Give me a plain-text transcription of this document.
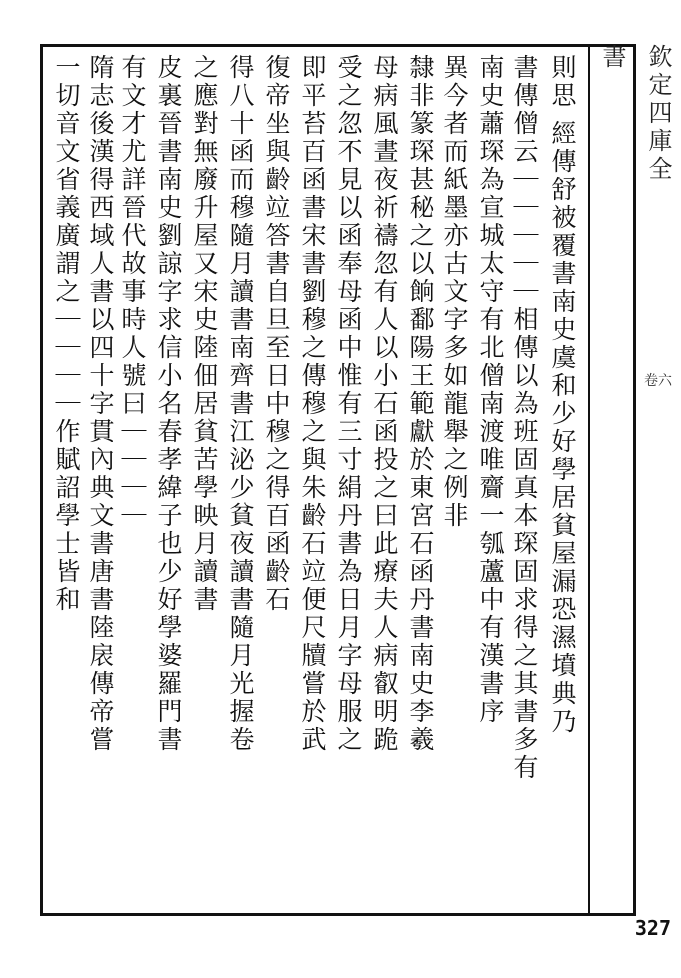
欽定四庫全書
卷六
則思
經傳舒被覆書南史虞和少好學居貧屋漏恐濕墳典乃
書傳僧云｜｜｜｜｜相傳以為班固真本琛固求得之其書多有
南史蕭琛為宣城太守有北僧南渡唯齎一瓠蘆中有漢書序
異今者而紙墨亦古文字多如龍舉之例非
隸非篆琛甚秘之以餉鄱陽王範獻於東宮石函丹書南史李羲
母病風晝夜祈禱忽有人以小石函投之曰此療夫人病叡明跪
受之忽不見以函奉母函中惟有三寸絹丹書為日月字母服之
即平苔百函書宋書劉穆之傳穆之與朱齡石竝便尺牘嘗於武
復帝坐與齡竝答書自旦至日中穆之得百函齡石
得八十函而穆隨月讀書南齊書江泌少貧夜讀書隨月光握卷
之應對無廢升屋又宋史陸佃居貧苦學映月讀書
皮裏晉書南史劉諒字求信小名春孝緯子也少好學婆羅門書
有文才尤詳晉代故事時人號曰｜｜｜｜
隋志後漢得西域人書以四十字貫內典文書唐書陸扆傳帝嘗
一切音文省義廣謂之｜｜｜｜作賦詔學士皆和
327
